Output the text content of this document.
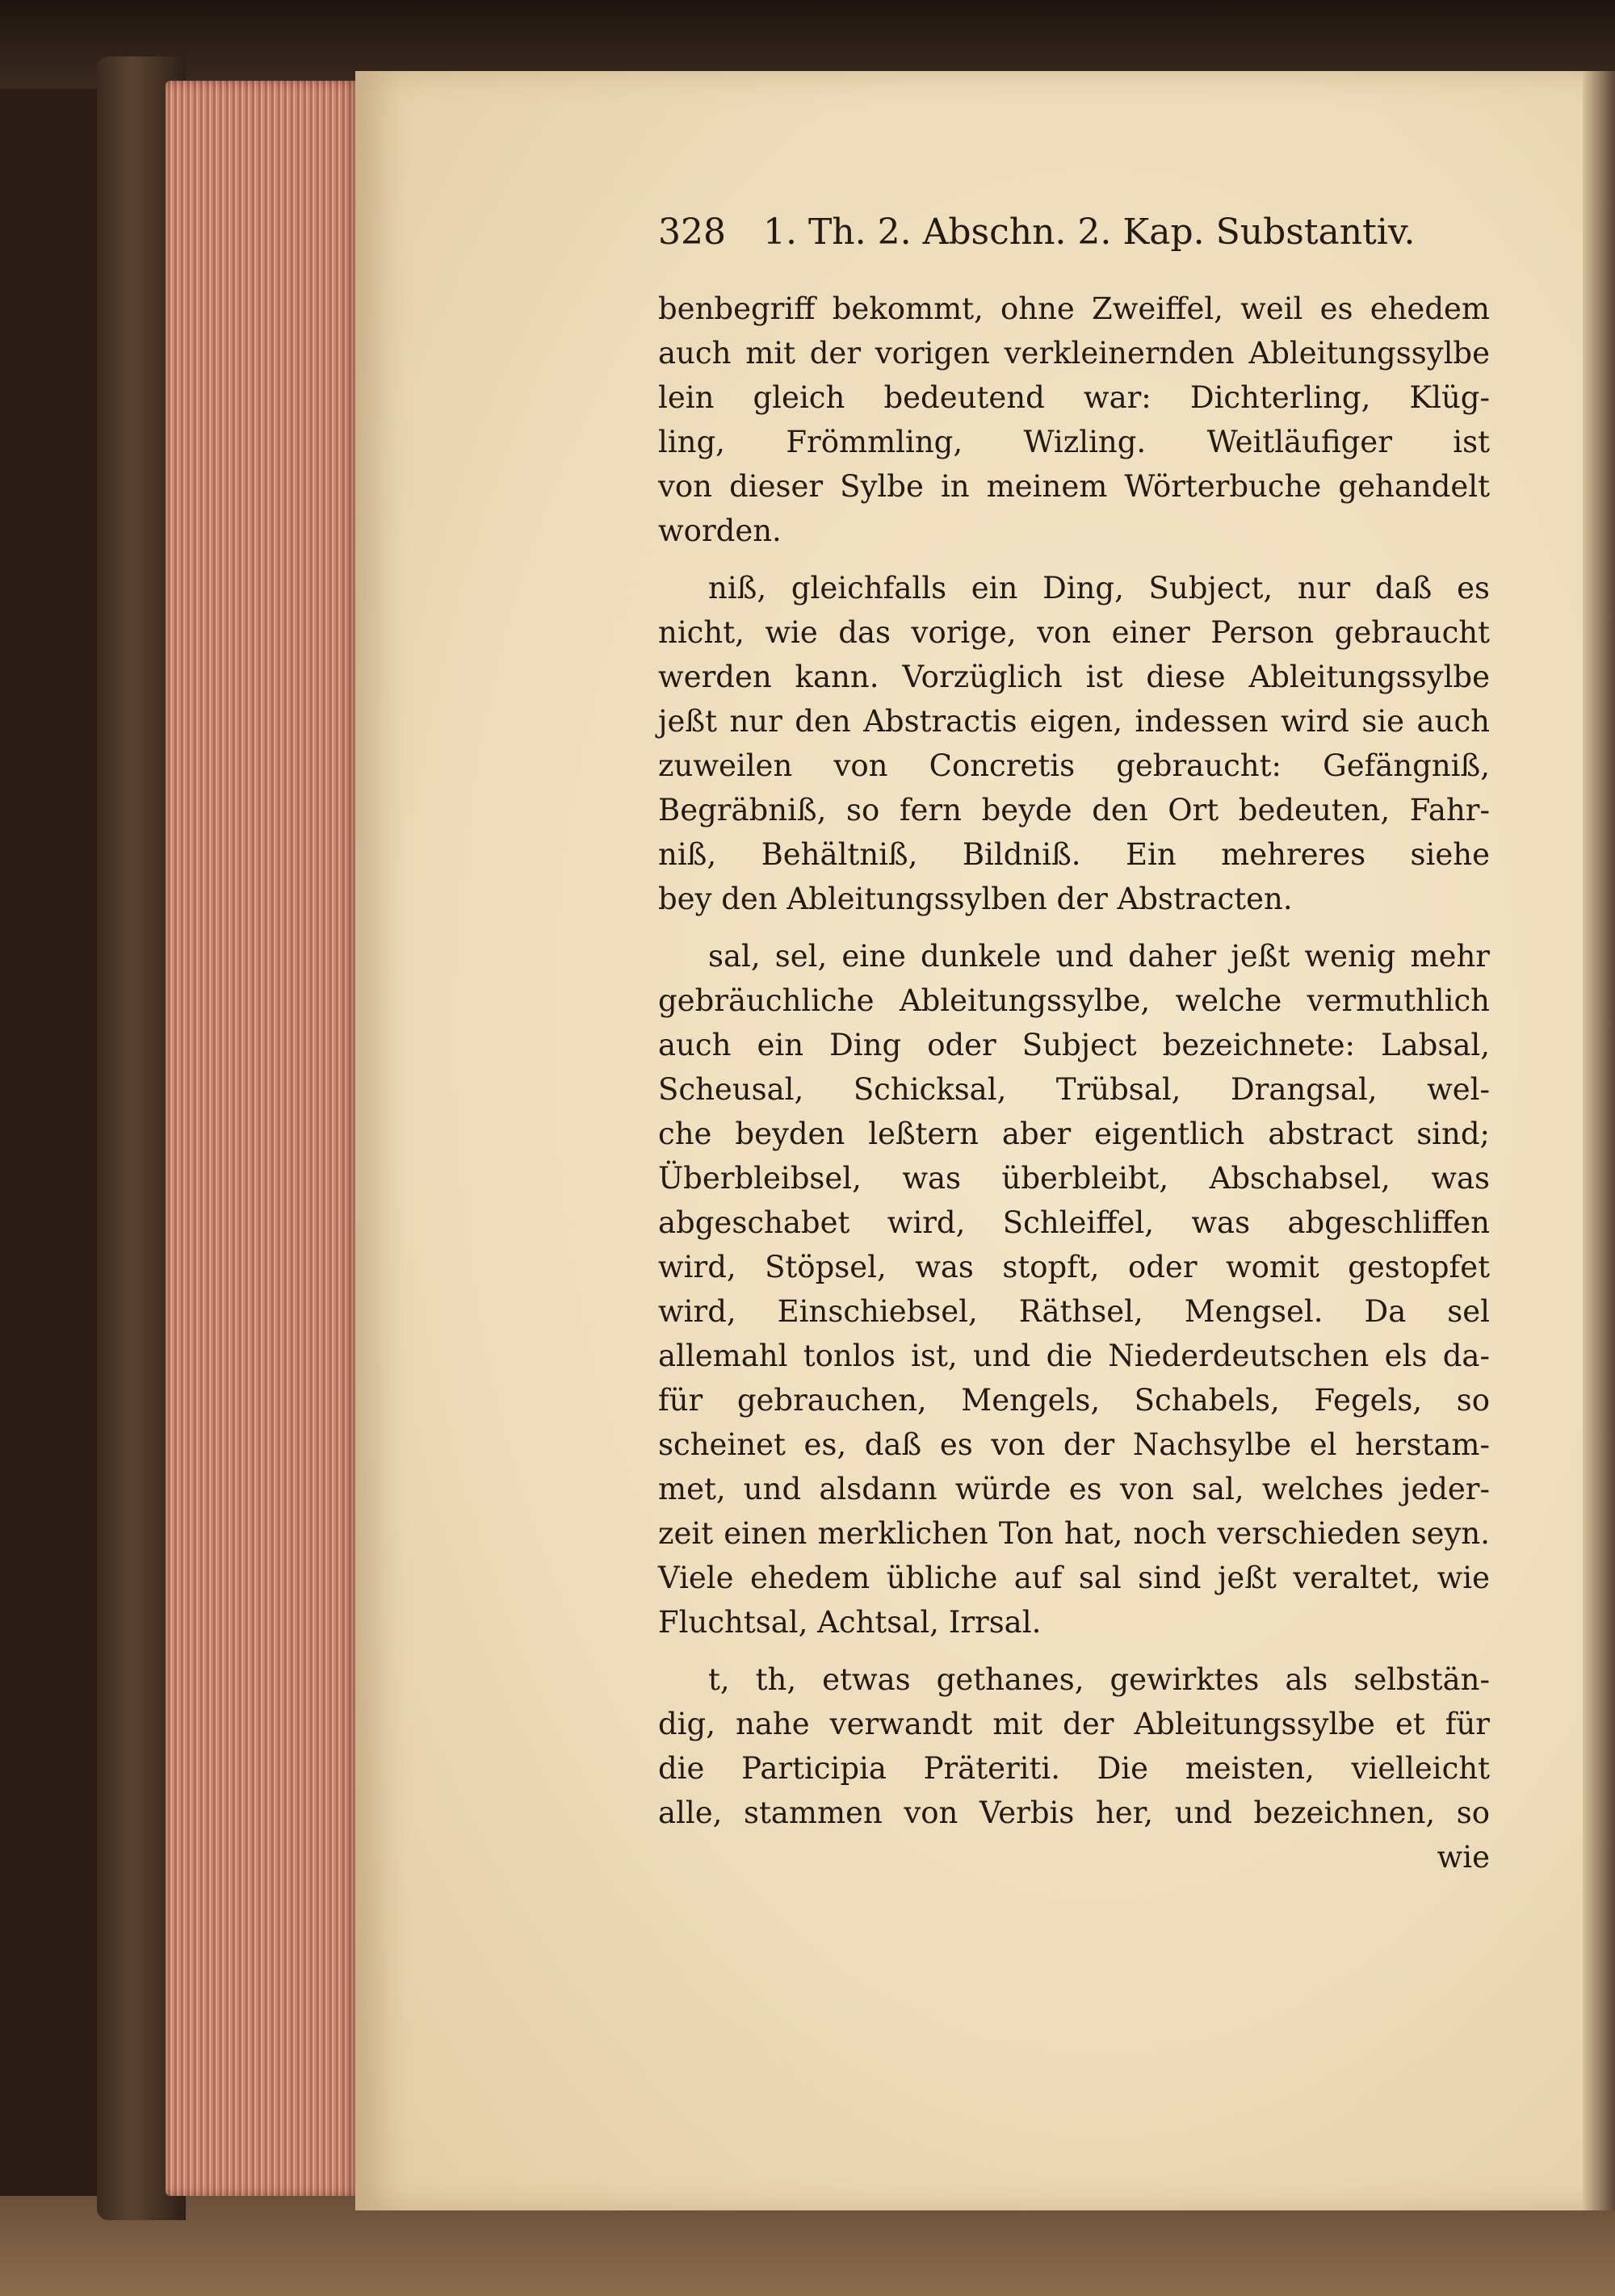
328 1. Th. 2. Abschn. 2. Kap. Substantiv.
benbegriff bekommt, ohne Zweiffel, weil es ehedem
auch mit der vorigen verkleinernden Ableitungssylbe
lein gleich bedeutend war: Dichterling, Klüg-
ling, Frömmling, Wizling. Weitläufiger ist
von dieser Sylbe in meinem Wörterbuche gehandelt
worden.
niß, gleichfalls ein Ding, Subject, nur daß es
nicht, wie das vorige, von einer Person gebraucht
werden kann. Vorzüglich ist diese Ableitungssylbe
jeßt nur den Abstractis eigen, indessen wird sie auch
zuweilen von Concretis gebraucht: Gefängniß,
Begräbniß, so fern beyde den Ort bedeuten, Fahr-
niß, Behältniß, Bildniß. Ein mehreres siehe
bey den Ableitungssylben der Abstracten.
sal, sel, eine dunkele und daher jeßt wenig mehr
gebräuchliche Ableitungssylbe, welche vermuthlich
auch ein Ding oder Subject bezeichnete: Labsal,
Scheusal, Schicksal, Trübsal, Drangsal, wel-
che beyden leßtern aber eigentlich abstract sind;
Überbleibsel, was überbleibt, Abschabsel, was
abgeschabet wird, Schleiffel, was abgeschliffen
wird, Stöpsel, was stopft, oder womit gestopfet
wird, Einschiebsel, Räthsel, Mengsel. Da sel
allemahl tonlos ist, und die Niederdeutschen els da-
für gebrauchen, Mengels, Schabels, Fegels, so
scheinet es, daß es von der Nachsylbe el herstam-
met, und alsdann würde es von sal, welches jeder-
zeit einen merklichen Ton hat, noch verschieden seyn.
Viele ehedem übliche auf sal sind jeßt veraltet, wie
Fluchtsal, Achtsal, Irrsal.
t, th, etwas gethanes, gewirktes als selbstän-
dig, nahe verwandt mit der Ableitungssylbe et für
die Participia Präteriti. Die meisten, vielleicht
alle, stammen von Verbis her, und bezeichnen, so
wie
